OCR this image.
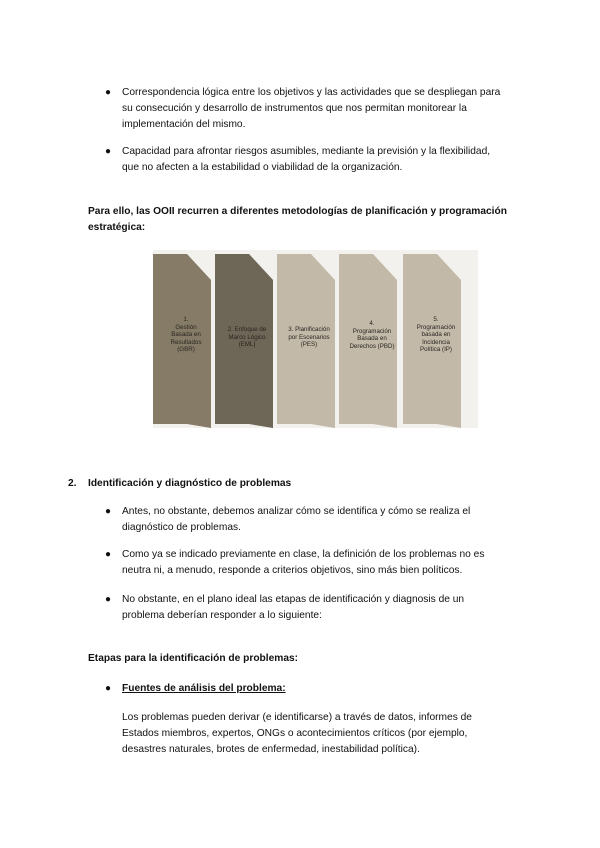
● Correspondencia lógica entre los objetivos y las actividades que se despliegan para
su consecución y desarrollo de instrumentos que nos permitan monitorear la
implementación del mismo.
● Capacidad para afrontar riesgos asumibles, mediante la previsión y la flexibilidad,
que no afecten a la estabilidad o viabilidad de la organización.
Para ello, las OOII recurren a diferentes metodologías de planificación y programación
estratégica:
1.
Gestión
Basada en
Resultados
(GBR)
2. Enfoque de
Marco Lógico
(EML)
3. Planificación
por Escenarios
(PES)
4.
Programación
Basada en
Derechos (PBD)
5.
Programación
basada en
Incidencia
Política (IP)
2. Identificación y diagnóstico de problemas
● Antes, no obstante, debemos analizar cómo se identifica y cómo se realiza el
diagnóstico de problemas.
● Como ya se indicado previamente en clase, la definición de los problemas no es
neutra ni, a menudo, responde a criterios objetivos, sino más bien políticos.
● No obstante, en el plano ideal las etapas de identificación y diagnosis de un
problema deberían responder a lo siguiente:
Etapas para la identificación de problemas:
● Fuentes de análisis del problema:
Los problemas pueden derivar (e identificarse) a través de datos, informes de
Estados miembros, expertos, ONGs o acontecimientos críticos (por ejemplo,
desastres naturales, brotes de enfermedad, inestabilidad política).
